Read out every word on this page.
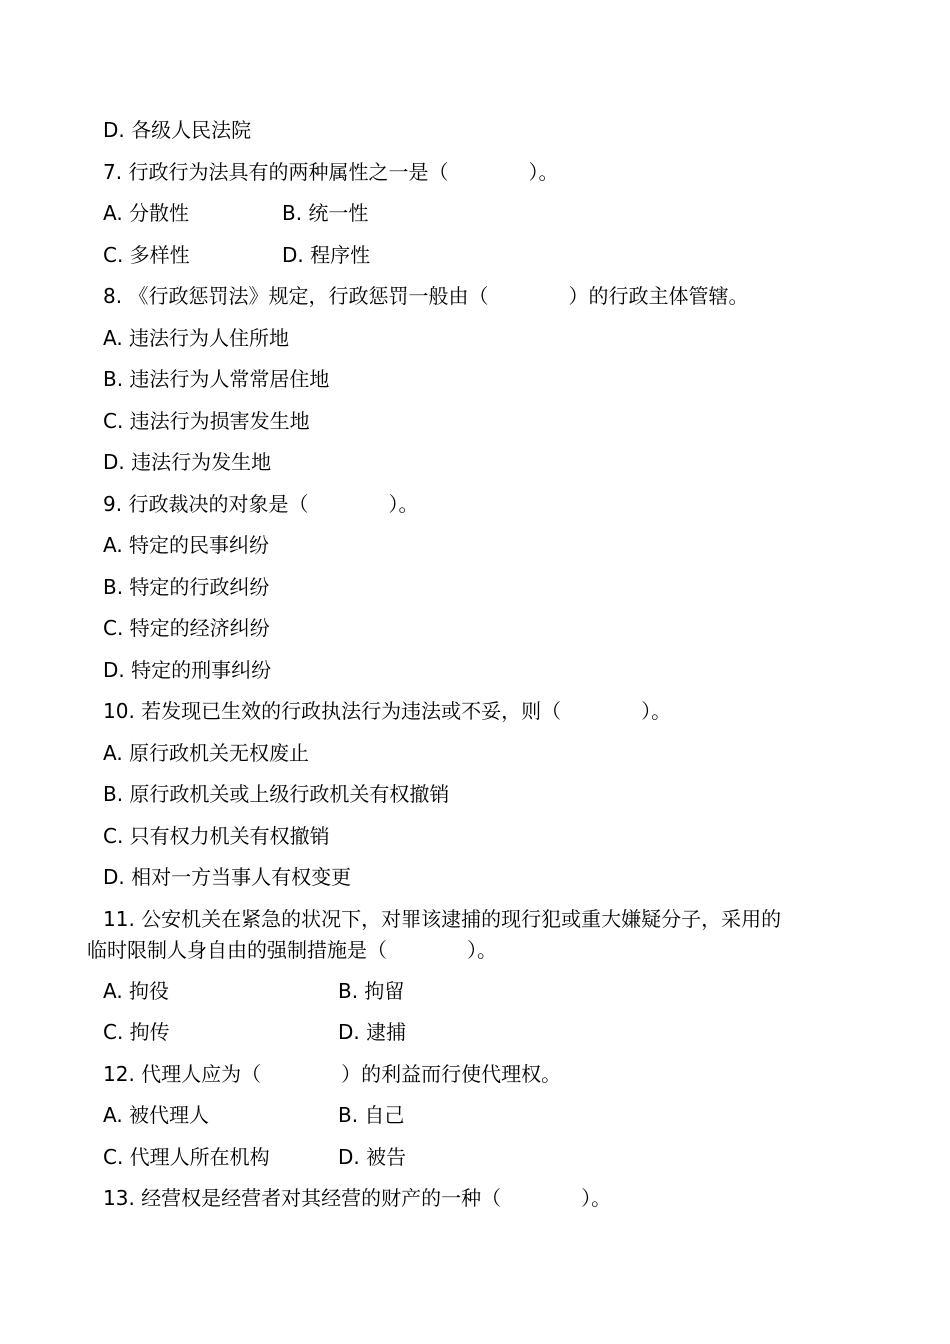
D. 各级人民法院
7. 行政行为法具有的两种属性之一是（　　　　）。
A. 分散性	B. 统一性
C. 多样性	D. 程序性
8. 《行政惩罚法》规定，行政惩罚一般由（　　　　）的行政主体管辖。
A. 违法行为人住所地
B. 违法行为人常常居住地
C. 违法行为损害发生地
D. 违法行为发生地
9. 行政裁决的对象是（　　　　）。
A. 特定的民事纠纷
B. 特定的行政纠纷
C. 特定的经济纠纷
D. 特定的刑事纠纷
10. 若发现已生效的行政执法行为违法或不妥，则（　　　　）。
A. 原行政机关无权废止
B. 原行政机关或上级行政机关有权撤销
C. 只有权力机关有权撤销
D. 相对一方当事人有权变更
11. 公安机关在紧急的状况下，对罪该逮捕的现行犯或重大嫌疑分子，采用的
临时限制人身自由的强制措施是（　　　　）。
A. 拘役	B. 拘留
C. 拘传	D. 逮捕
12. 代理人应为（　　　　）的利益而行使代理权。
A. 被代理人	B. 自己
C. 代理人所在机构	D. 被告
13. 经营权是经营者对其经营的财产的一种（　　　　）。
